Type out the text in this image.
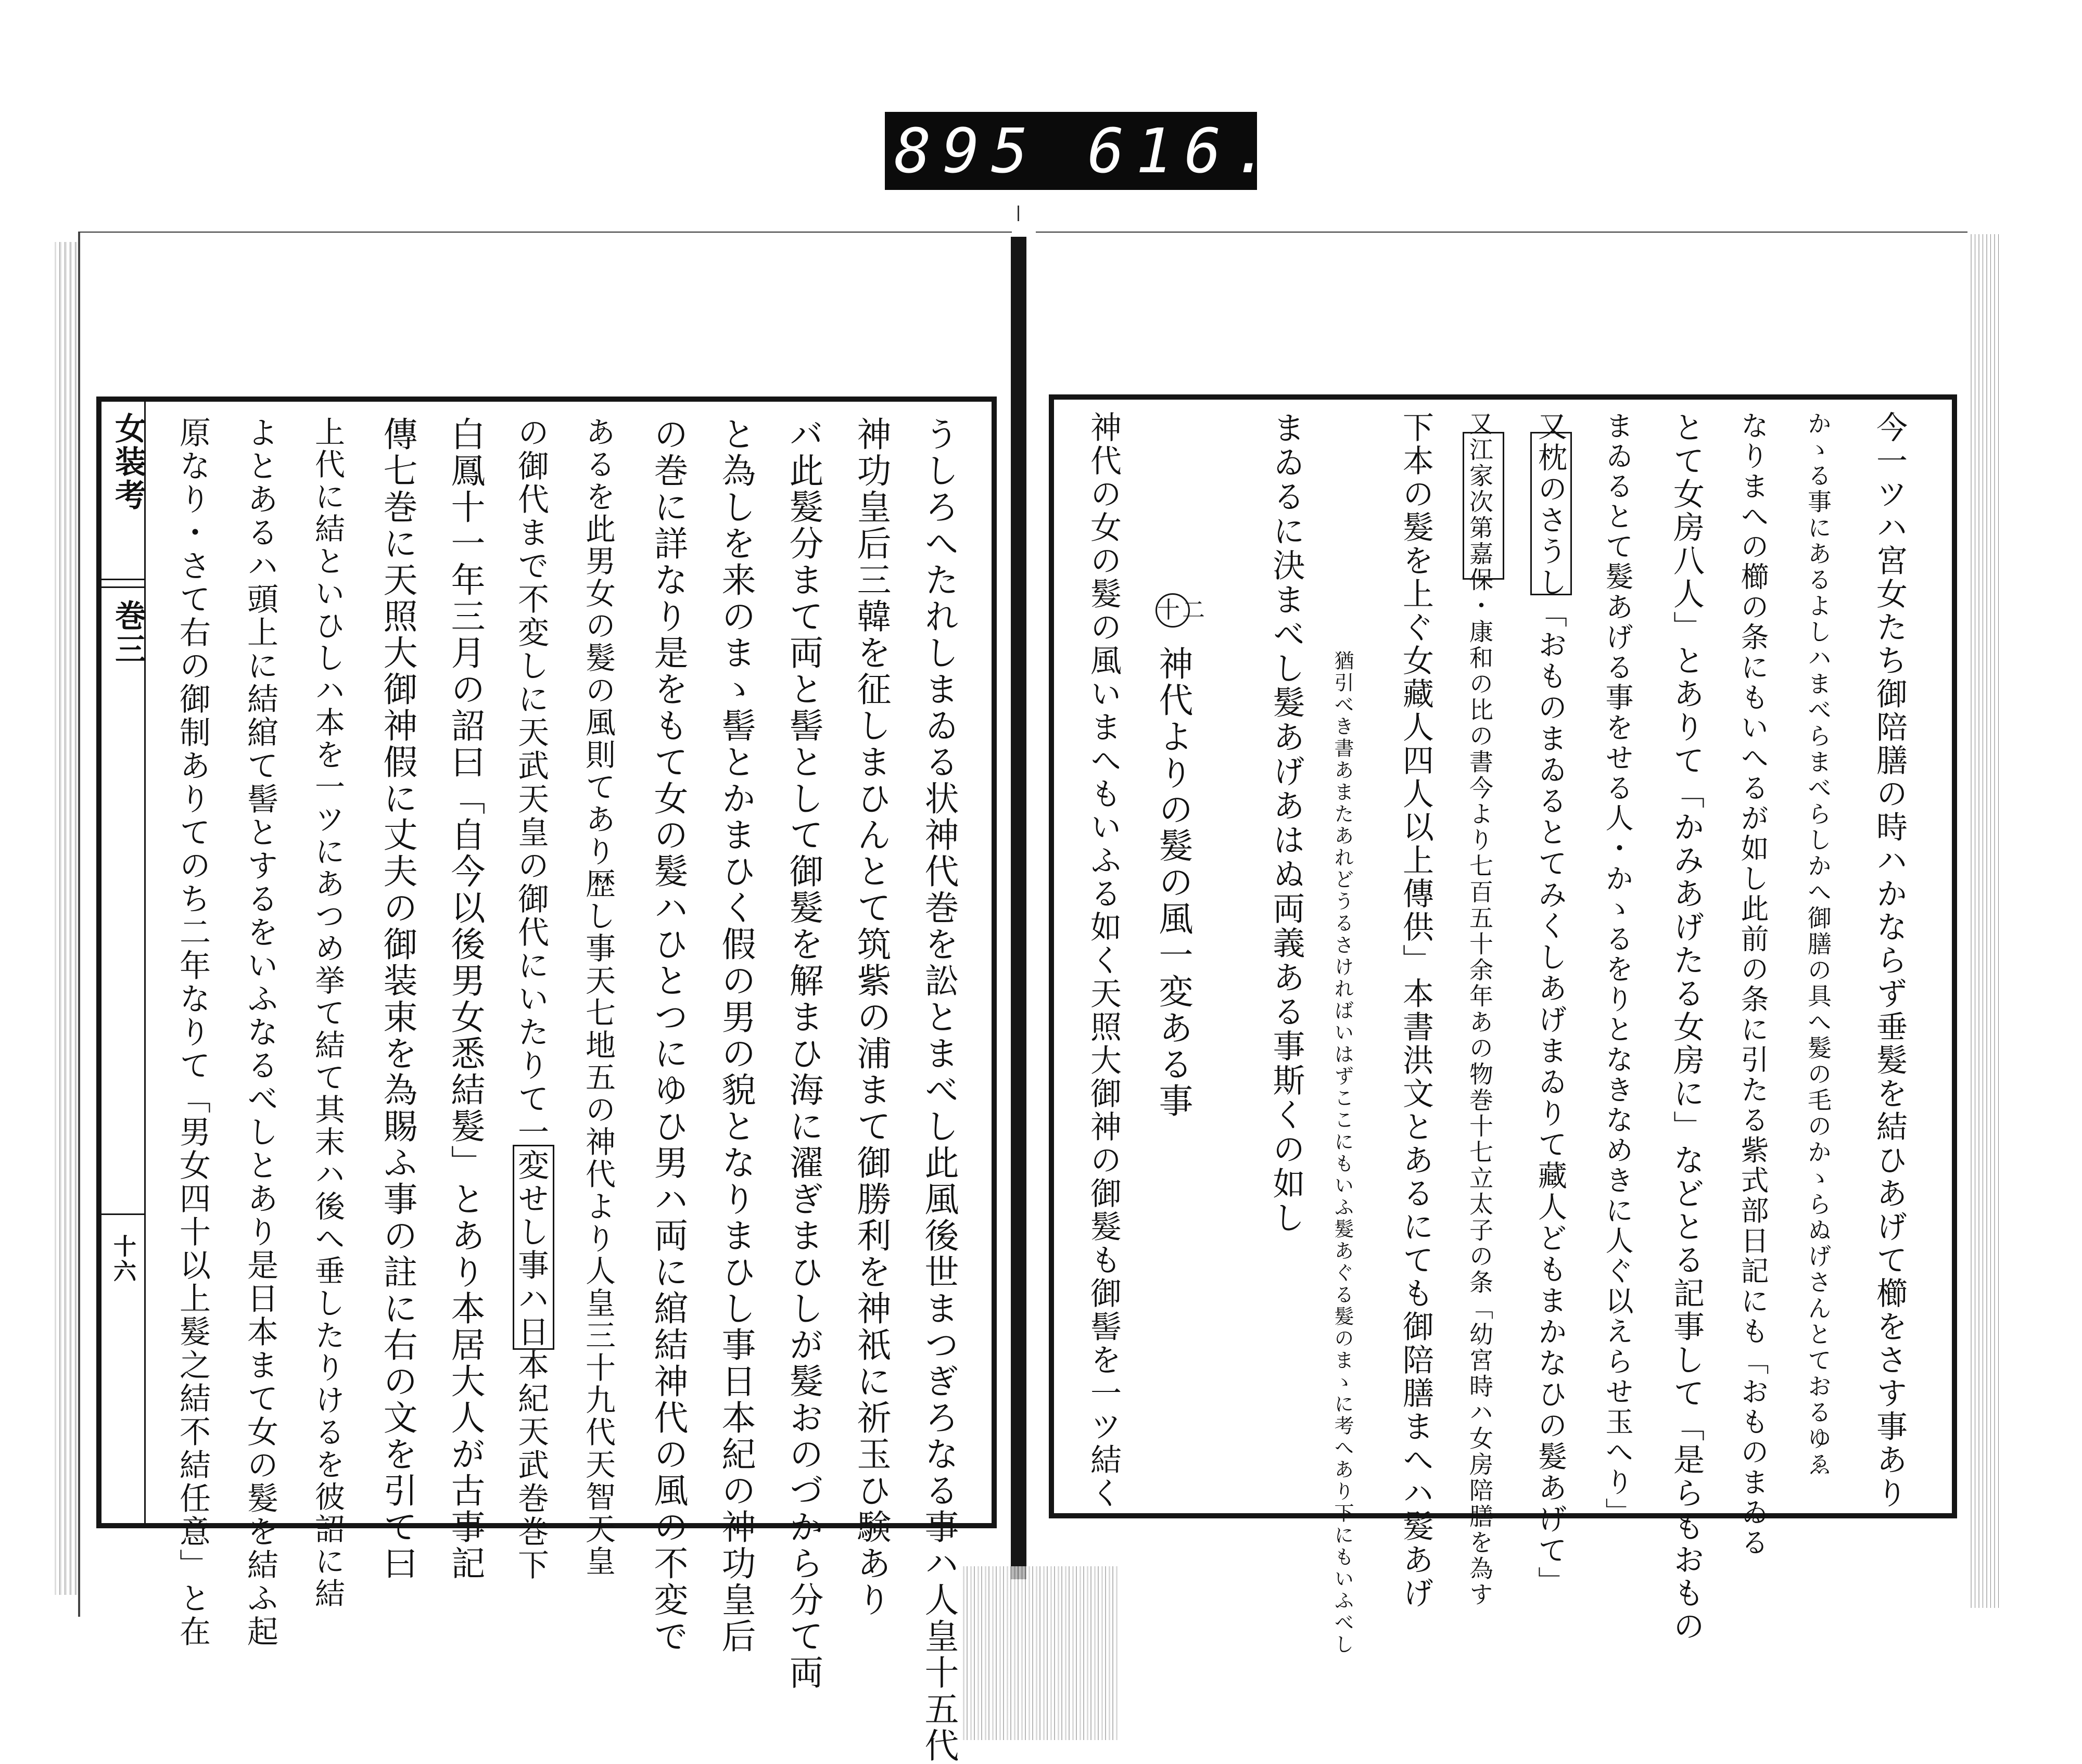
895 616.
女装考
巻三
十六	うしろへたれしまゐる状神代巻を訟とまべし此風後世まつぎろなる事ハ人皇十五代
神功皇后三韓を征しまひんとて筑紫の浦まて御勝利を神祇に祈玉ひ験あり
バ此髮分まて両と髻として御髮を解まひ海に濯ぎまひしが髮おのづから分て両
と為しを来のまゝ髻とかまひく假の男の貌となりまひし事日本紀の神功皇后
の巻に詳なり是をもて女の髮ハひとつにゆひ男ハ両に綰結神代の風の不変で
あるを此男女の髮の風則てあり歴し事天七地五の神代より人皇三十九代天智天皇
の御代まで不変しに天武天皇の御代にいたりて一変せし事ハ日本紀天武巻巻下
白鳳十一年三月の詔曰「自今以後男女悉結髮」とあり本居大人が古事記
傳七巻に天照大御神假に丈夫の御装束を為賜ふ事の註に右の文を引て曰
上代に結といひしハ本を一ツにあつめ挙て結て其末ハ後へ垂したりけるを彼詔に結
よとあるハ頭上に結綰て髻とするをいふなるべしとあり是日本まて女の髮を結ふ起
原なり・さて右の御制ありてのち二年なりて「男女四十以上髮之結不結任意」と在	今一ツハ宮女たち御陪膳の時ハかならず垂髮を結ひあげて櫛をさす事あり
かゝる事にあるよしハまべらまべらしかへ御膳の具へ髮の毛のかゝらぬげさんとておるゆゑ
なりまへの櫛の条にもいへるが如し此前の条に引たる紫式部日記にも「おものまゐる
とて女房八人」とありて「かみあげたる女房に」などとる記事して「是らもおもの
まゐるとて髮あげる事をせる人・かゝるをりとなきなめきに人ぐ以えらせ玉へり」
又枕のさうし「おものまゐるとてみくしあげまゐりて藏人どもまかなひの髮あげて」
又江家次第嘉保・康和の比の書今より七百五十余年あの物巻十七立太子の条「幼宮時ハ女房陪膳を為す
下本の髮を上ぐ女藏人四人以上傳供」本書洪文とあるにても御陪膳まへハ髮あげ
猶引べき書あまたあれどうるさければいはずここにもいふ髮あぐる髮のまゝに考へあり下にもいふべし
まゐるに決まべし髮あげあはぬ両義ある事斯くの如し
十二 神代よりの髮の風一変ある事
神代の女の髮の風いまへもいふる如く天照大御神の御髮も御髻を一ツ結く
